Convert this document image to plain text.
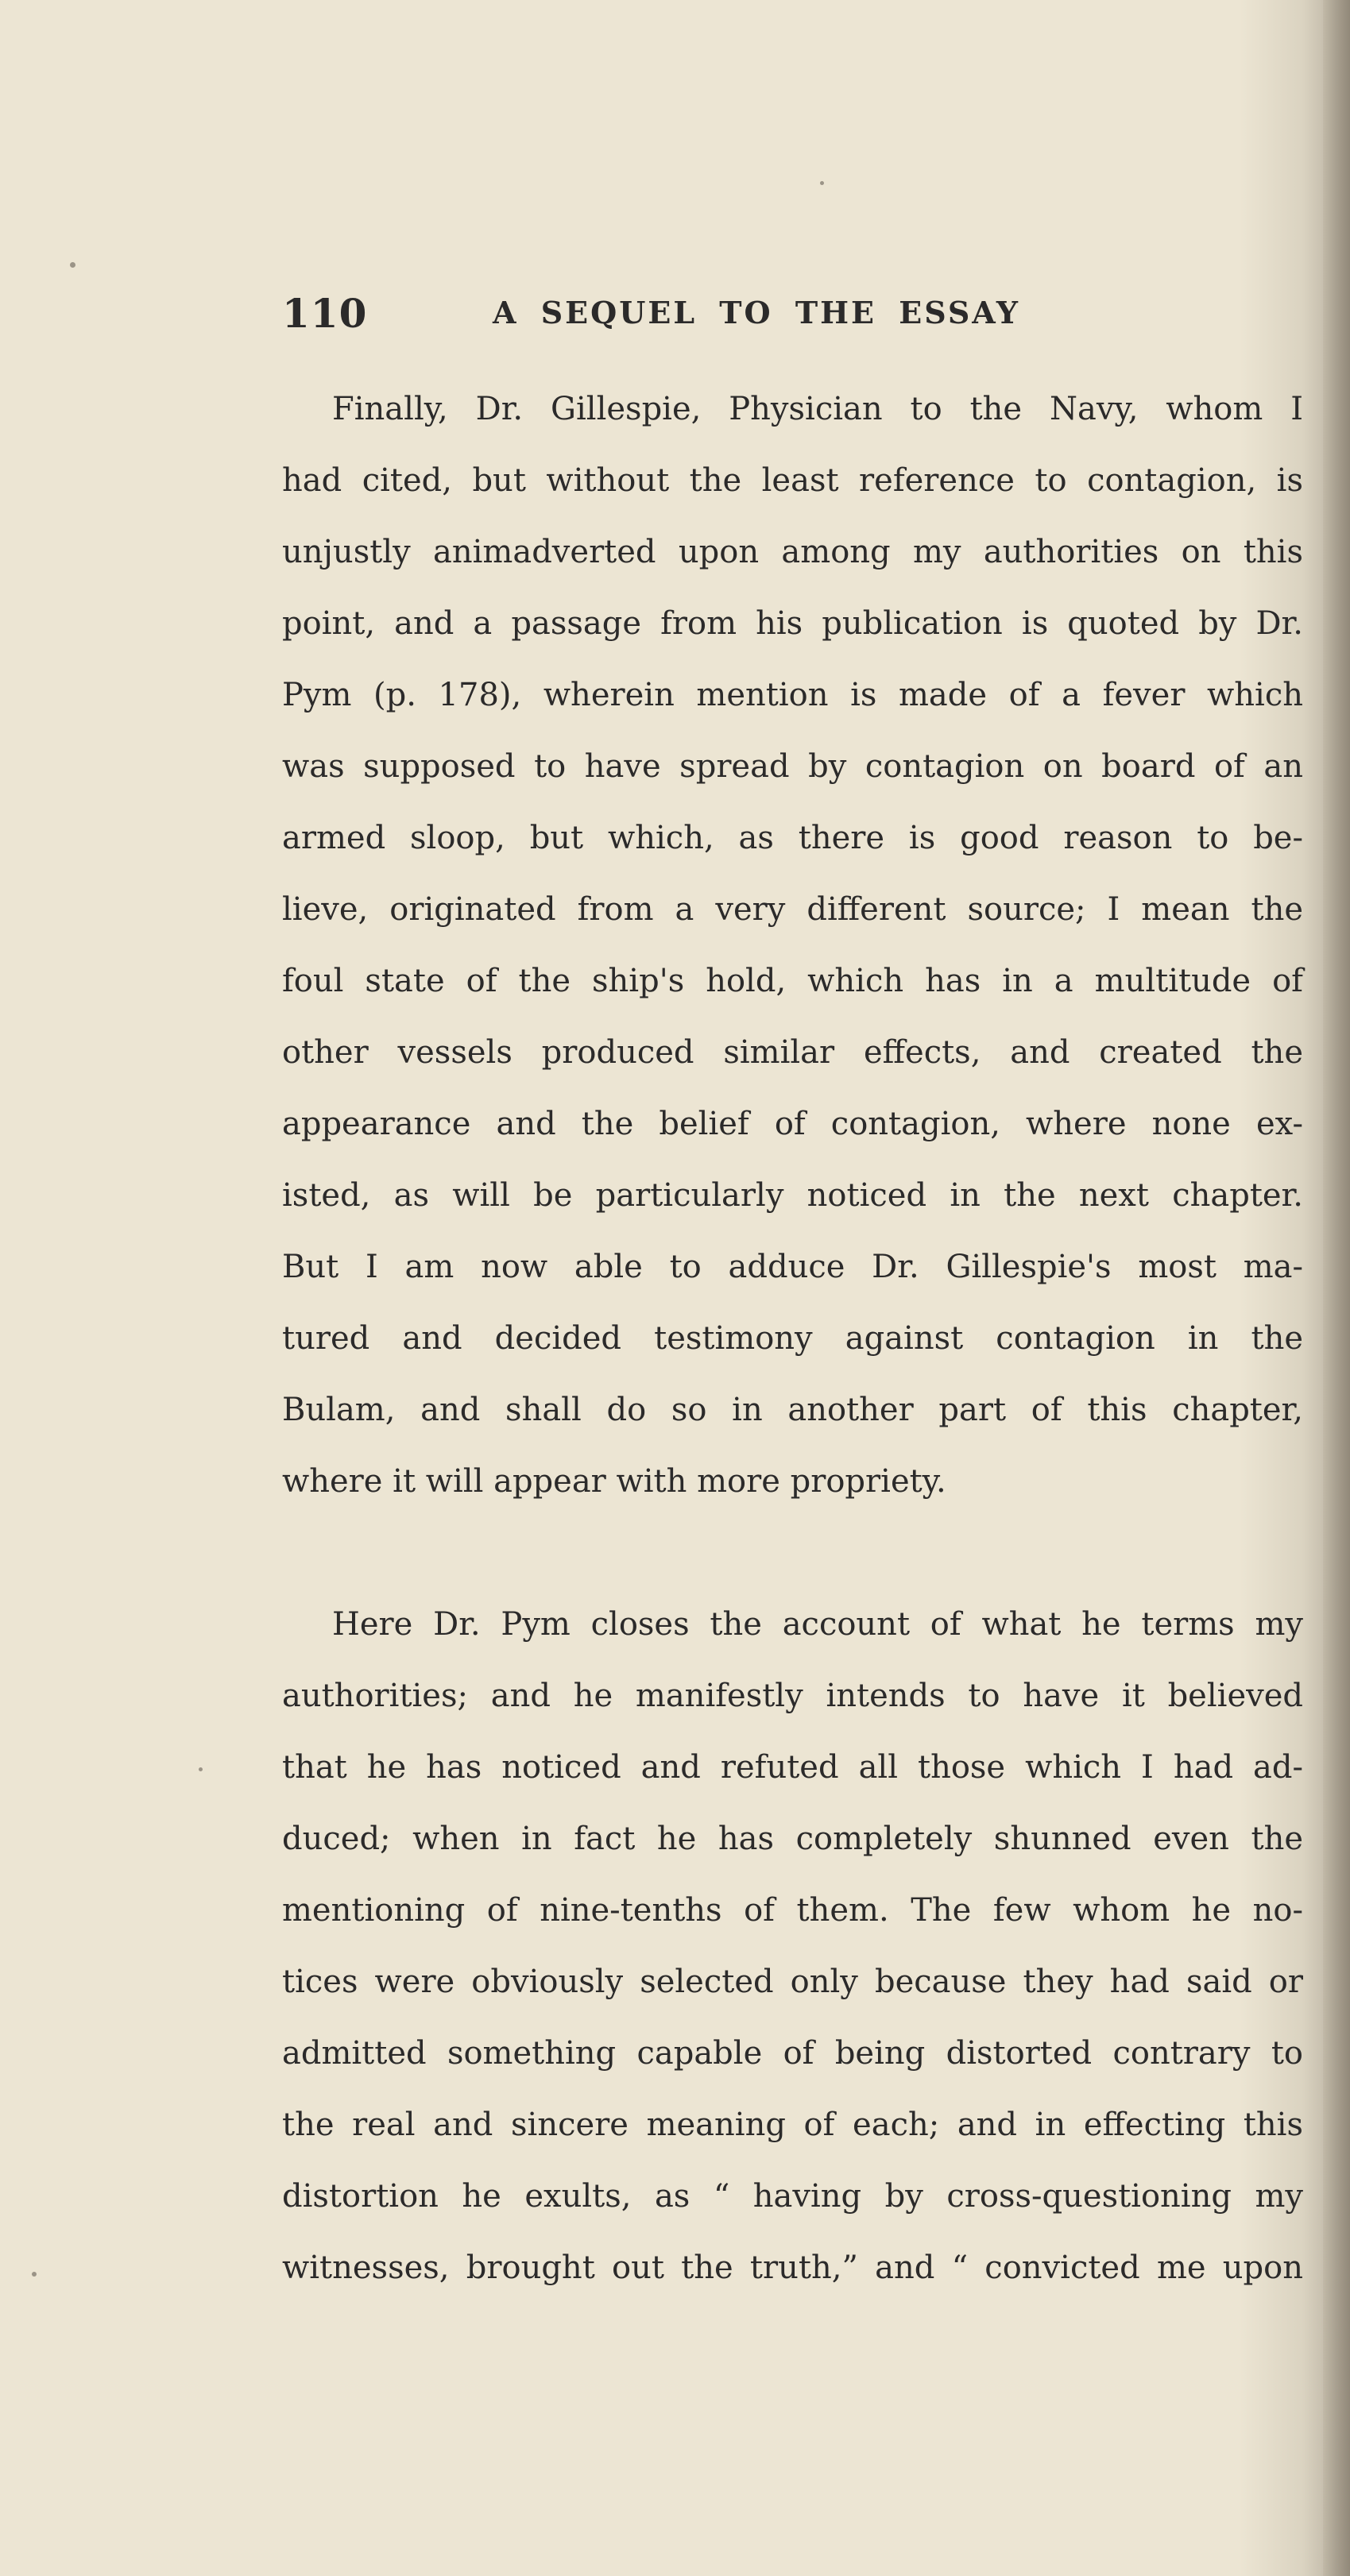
110	A SEQUEL TO THE ESSAY
Finally, Dr. Gillespie, Physician to the Navy, whom I
had cited, but without the least reference to contagion, is
unjustly animadverted upon among my authorities on this
point, and a passage from his publication is quoted by Dr.
Pym (p. 178), wherein mention is made of a fever which
was supposed to have spread by contagion on board of an
armed sloop, but which, as there is good reason to be-
lieve, originated from a very different source; I mean the
foul state of the ship's hold, which has in a multitude of
other vessels produced similar effects, and created the
appearance and the belief of contagion, where none ex-
isted, as will be particularly noticed in the next chapter.
But I am now able to adduce Dr. Gillespie's most ma-
tured and decided testimony against contagion in the
Bulam, and shall do so in another part of this chapter,
where it will appear with more propriety.
Here Dr. Pym closes the account of what he terms my
authorities; and he manifestly intends to have it believed
that he has noticed and refuted all those which I had ad-
duced; when in fact he has completely shunned even the
mentioning of nine-tenths of them. The few whom he no-
tices were obviously selected only because they had said or
admitted something capable of being distorted contrary to
the real and sincere meaning of each; and in effecting this
distortion he exults, as “ having by cross-questioning my
witnesses, brought out the truth,” and “ convicted me upon
